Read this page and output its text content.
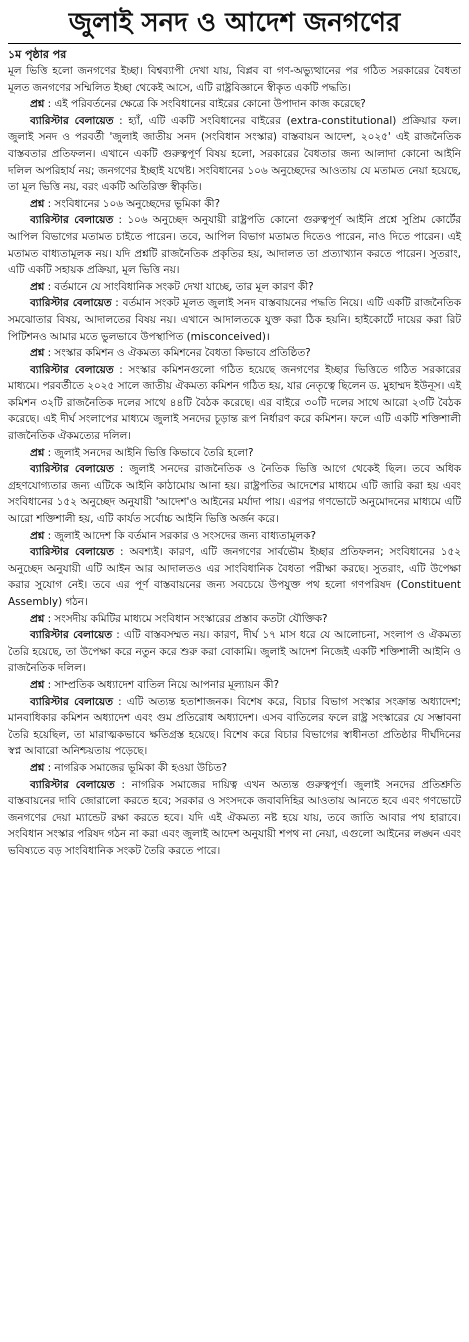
জুলাই সনদ ও আদেশ জনগণের
১ম পৃষ্ঠার পর

মূল ভিত্তি হলো জনগণের ইচ্ছা। বিশ্বব্যাপী দেখা যায়, বিপ্লব বা গণ-অভ্যুত্থানের পর গঠিত সরকারের বৈধতা মূলত জনগণের সম্মিলিত ইচ্ছা থেকেই আসে, এটি রাষ্ট্রবিজ্ঞানে স্বীকৃত একটি পদ্ধতি।

প্রশ্ন : এই পরিবর্তনের ক্ষেত্রে কি সংবিধানের বাইরের কোনো উপাদান কাজ করেছে?

ব্যারিস্টার বেলায়েত : হ্যাঁ, এটি একটি সংবিধানের বাইরের (extra-constitutional) প্রক্রিয়ার ফল। জুলাই সনদ ও পরবর্তী 'জুলাই জাতীয় সনদ (সংবিধান সংস্কার) বাস্তবায়ন আদেশ, ২০২৫' এই রাজনৈতিক বাস্তবতার প্রতিফলন। এখানে একটি গুরুত্বপূর্ণ বিষয় হলো, সরকারের বৈধতার জন্য আলাদা কোনো আইনি দলিল অপরিহার্য নয়; জনগণের ইচ্ছাই যথেষ্ট। সংবিধানের ১০৬ অনুচ্ছেদের আওতায় যে মতামত নেয়া হয়েছে, তা মূল ভিত্তি নয়, বরং একটি অতিরিক্ত স্বীকৃতি।

প্রশ্ন : সংবিধানের ১০৬ অনুচ্ছেদের ভূমিকা কী?

ব্যারিস্টার বেলায়েত : ১০৬ অনুচ্ছেদ অনুযায়ী রাষ্ট্রপতি কোনো গুরুত্বপূর্ণ আইনি প্রশ্নে সুপ্রিম কোর্টের আপিল বিভাগের মতামত চাইতে পারেন। তবে, আপিল বিভাগ মতামত দিতেও পারেন, নাও দিতে পারেন। এই মতামত বাধ্যতামূলক নয়। যদি প্রশ্নটি রাজনৈতিক প্রকৃতির হয়, আদালত তা প্রত্যাখ্যান করতে পারেন। সুতরাং, এটি একটি সহায়ক প্রক্রিয়া, মূল ভিত্তি নয়।

প্রশ্ন : বর্তমানে যে সাংবিধানিক সংকট দেখা যাচ্ছে, তার মূল কারণ কী?

ব্যারিস্টার বেলায়েত : বর্তমান সংকট মূলত জুলাই সনদ বাস্তবায়নের পদ্ধতি নিয়ে। এটি একটি রাজনৈতিক সমঝোতার বিষয়, আদালতের বিষয় নয়। এখানে আদালতকে যুক্ত করা ঠিক হয়নি। হাইকোর্টে দায়ের করা রিট পিটিশনও আমার মতে ভুলভাবে উপস্থাপিত (misconceived)।

প্রশ্ন : সংস্কার কমিশন ও ঐকমত্য কমিশনের বৈধতা কিভাবে প্রতিষ্ঠিত?

ব্যারিস্টার বেলায়েত : সংস্কার কমিশনগুলো গঠিত হয়েছে জনগণের ইচ্ছার ভিত্তিতে গঠিত সরকারের মাধ্যমে। পরবর্তীতে ২০২৫ সালে জাতীয় ঐকমত্য কমিশন গঠিত হয়, যার নেতৃত্বে ছিলেন ড. মুহাম্মদ ইউনূস। এই কমিশন ৩২টি রাজনৈতিক দলের সাথে ৪৪টি বৈঠক করেছে। এর বাইরে ৩০টি দলের সাথে আরো ২৩টি বৈঠক করেছে। এই দীর্ঘ সংলাপের মাধ্যমে জুলাই সনদের চূড়ান্ত রূপ নির্ধারণ করে কমিশন। ফলে এটি একটি শক্তিশালী রাজনৈতিক ঐকমত্যের দলিল।

প্রশ্ন : জুলাই সনদের আইনি ভিত্তি কিভাবে তৈরি হলো?

ব্যারিস্টার বেলায়েত : জুলাই সনদের রাজনৈতিক ও নৈতিক ভিত্তি আগে থেকেই ছিল। তবে অধিক গ্রহণযোগ্যতার জন্য এটিকে আইনি কাঠামোয় আনা হয়। রাষ্ট্রপতির আদেশের মাধ্যমে এটি জারি করা হয় এবং সংবিধানের ১৫২ অনুচ্ছেদ অনুযায়ী 'আদেশ'ও আইনের মর্যাদা পায়। এরপর গণভোটে অনুমোদনের মাধ্যমে এটি আরো শক্তিশালী হয়, এটি কার্যত সর্বোচ্চ আইনি ভিত্তি অর্জন করে।

প্রশ্ন : জুলাই আদেশ কি বর্তমান সরকার ও সংসদের জন্য বাধ্যতামূলক?

ব্যারিস্টার বেলায়েত : অবশ্যই। কারণ, এটি জনগণের সার্বভৌম ইচ্ছার প্রতিফলন; সংবিধানের ১৫২ অনুচ্ছেদ অনুযায়ী এটি আইন আর আদালতও এর সাংবিধানিক বৈধতা পরীক্ষা করছে। সুতরাং, এটি উপেক্ষা করার সুযোগ নেই। তবে এর পূর্ণ বাস্তবায়নের জন্য সবচেয়ে উপযুক্ত পথ হলো গণপরিষদ (Constituent Assembly) গঠন।

প্রশ্ন : সংসদীয় কমিটির মাধ্যমে সংবিধান সংস্কারের প্রস্তাব কতটা যৌক্তিক?

ব্যারিস্টার বেলায়েত : এটি বাস্তবসম্মত নয়। কারণ, দীর্ঘ ১৭ মাস ধরে যে আলোচনা, সংলাপ ও ঐকমত্য তৈরি হয়েছে, তা উপেক্ষা করে নতুন করে শুরু করা বোকামি। জুলাই আদেশ নিজেই একটি শক্তিশালী আইনি ও রাজনৈতিক দলিল।

প্রশ্ন : সাম্প্রতিক অধ্যাদেশ বাতিল নিয়ে আপনার মূল্যায়ন কী?

ব্যারিস্টার বেলায়েত : এটি অত্যন্ত হতাশাজনক। বিশেষ করে, বিচার বিভাগ সংস্কার সংক্রান্ত অধ্যাদেশ; মানবাধিকার কমিশন অধ্যাদেশ এবং গুম প্রতিরোধ অধ্যাদেশ। এসব বাতিলের ফলে রাষ্ট্র সংস্কারের যে সম্ভাবনা তৈরি হয়েছিল, তা মারাত্মকভাবে ক্ষতিগ্রস্ত হয়েছে। বিশেষ করে বিচার বিভাগের স্বাধীনতা প্রতিষ্ঠার দীর্ঘদিনের স্বপ্ন আবারো অনিশ্চয়তায় পড়েছে।

প্রশ্ন : নাগরিক সমাজের ভূমিকা কী হওয়া উচিত?

ব্যারিস্টার বেলায়েত : নাগরিক সমাজের দায়িত্ব এখন অত্যন্ত গুরুত্বপূর্ণ। জুলাই সনদের প্রতিশ্রুতি বাস্তবায়নের দাবি জোরালো করতে হবে; সরকার ও সংসদকে জবাবদিহির আওতায় আনতে হবে এবং গণভোটে জনগণের দেয়া ম্যান্ডেট রক্ষা করতে হবে। যদি এই ঐকমত্য নষ্ট হয়ে যায়, তবে জাতি আবার পথ হারাবে। সংবিধান সংস্কার পরিষদ গঠন না করা এবং জুলাই আদেশ অনুযায়ী শপথ না নেয়া, এগুলো আইনের লঙ্ঘন এবং ভবিষ্যতে বড় সাংবিধানিক সংকট তৈরি করতে পারে।
